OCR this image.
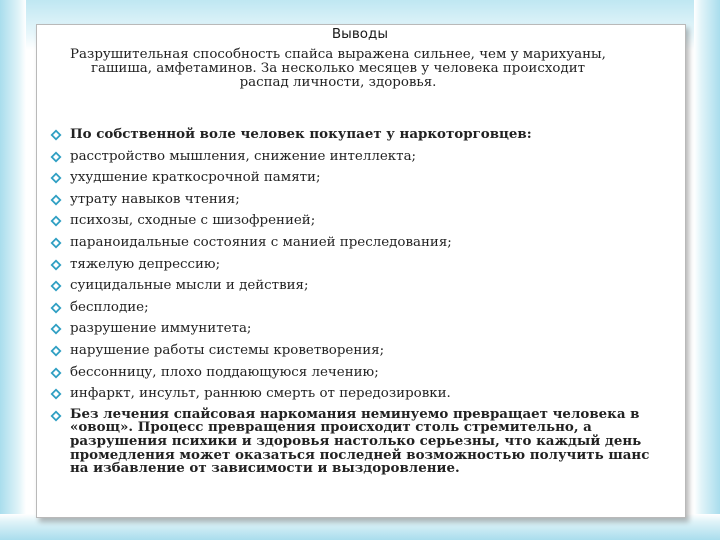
Выводы
Разрушительная способность спайса выражена сильнее, чем у марихуаны, гашиша, амфетаминов. За несколько месяцев у человека происходит распад личности, здоровья.
По собственной воле человек покупает у наркоторговцев:
расстройство мышления, снижение интеллекта;
ухудшение краткосрочной памяти;
утрату навыков чтения;
психозы, сходные с шизофренией;
параноидальные состояния с манией преследования;
тяжелую депрессию;
суицидальные мысли и действия;
бесплодие;
разрушение иммунитета;
нарушение работы системы кроветворения;
бессонницу, плохо поддающуюся лечению;
инфаркт, инсульт, раннюю смерть от передозировки.
Без лечения спайсовая наркомания неминуемо превращает человека в «овощ». Процесс превращения происходит столь стремительно, а разрушения психики и здоровья настолько серьезны, что каждый день промедления может оказаться последней возможностью получить шанс на избавление от зависимости и выздоровление.
